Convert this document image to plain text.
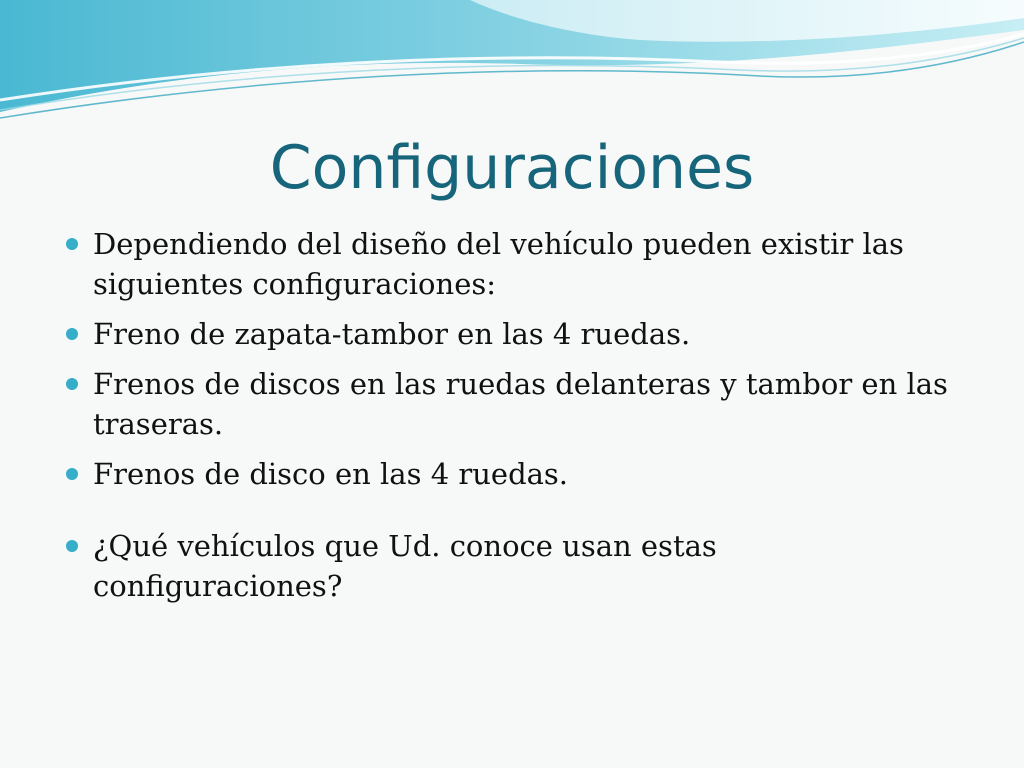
Configuraciones
Dependiendo del diseño del vehículo pueden existir las siguientes configuraciones:
Freno de zapata-tambor en las 4 ruedas.
Frenos de discos en las ruedas delanteras y tambor en las traseras.
Frenos de disco en las 4 ruedas.
¿Qué vehículos que Ud. conoce usan estas configuraciones?
